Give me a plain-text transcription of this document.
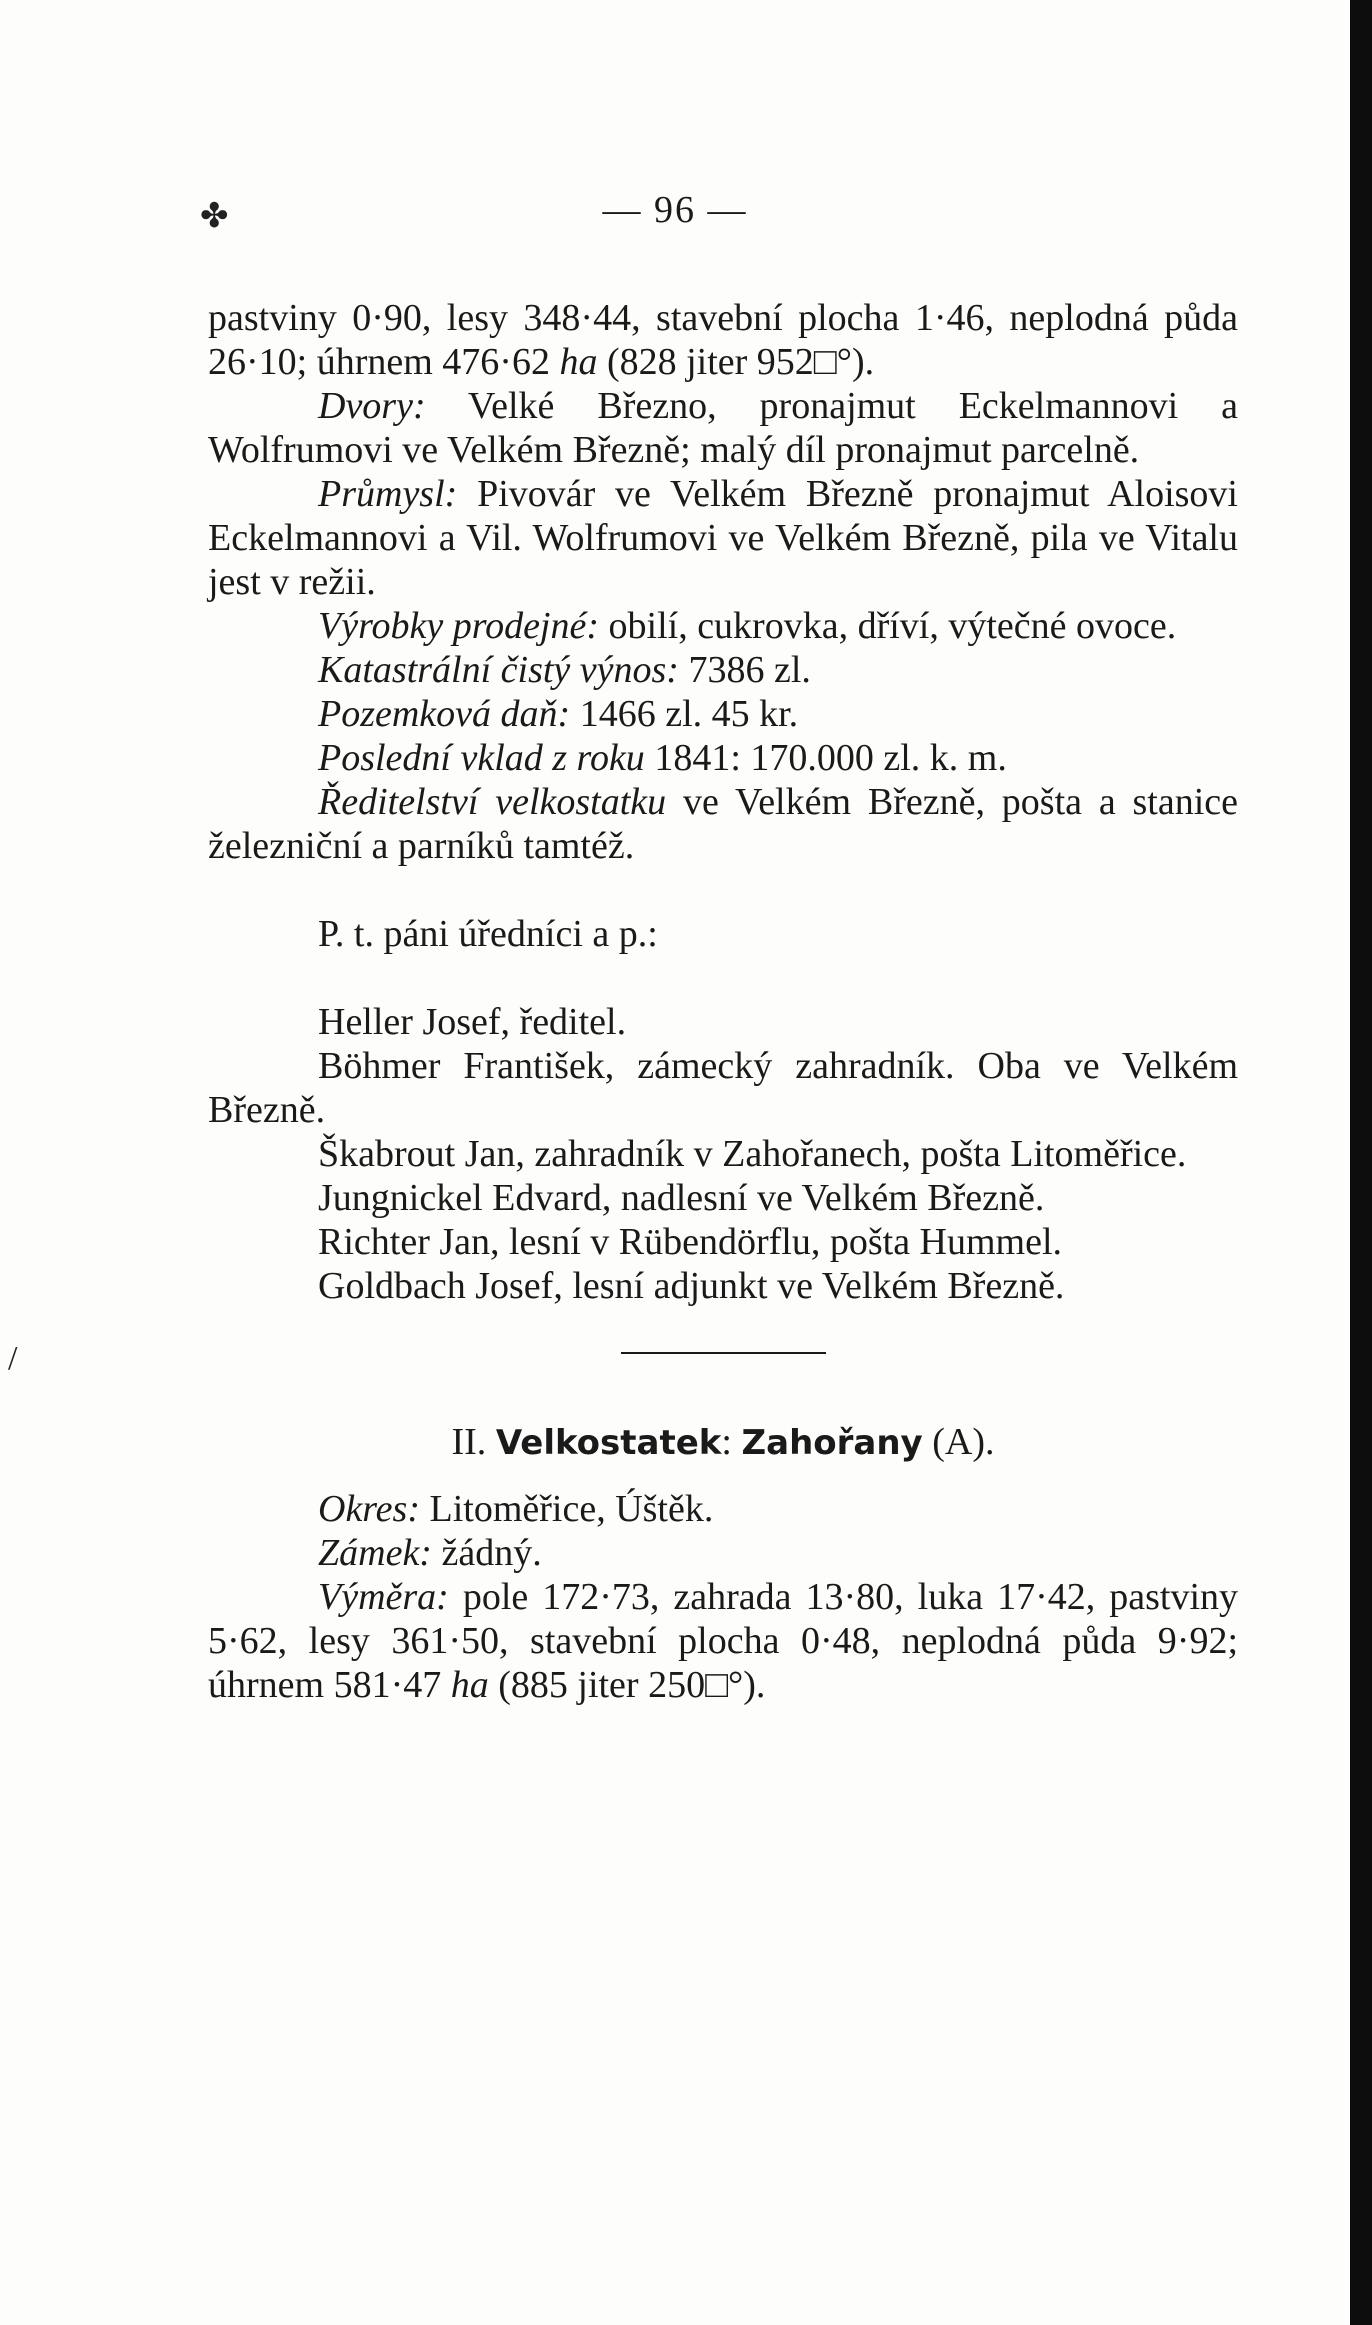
✤
/
— 96 —

pastviny 0·90, lesy 348·44, stavební plocha 1·46, neplodná půda 26·10; úhrnem 476·62 ha (828 jiter 952□°).

Dvory: Velké Březno, pronajmut Eckelmannovi a Wolfrumovi ve Velkém Březně; malý díl pronajmut parcelně.

Průmysl: Pivovár ve Velkém Březně pronajmut Aloisovi Eckelmannovi a Vil. Wolfrumovi ve Velkém Březně, pila ve Vitalu jest v režii.

Výrobky prodejné: obilí, cukrovka, dříví, výtečné ovoce.

Katastrální čistý výnos: 7386 zl.

Pozemková daň: 1466 zl. 45 kr.

Poslední vklad z roku 1841: 170.000 zl. k. m.

Ředitelství velkostatku ve Velkém Březně, pošta a stanice železniční a parníků tamtéž.

P. t. páni úředníci a p.:

Heller Josef, ředitel.

Böhmer František, zámecký zahradník. Oba ve Velkém Březně.

Škabrout Jan, zahradník v Zahořanech, pošta Litoměřice.

Jungnickel Edvard, nadlesní ve Velkém Březně.

Richter Jan, lesní v Rübendörflu, pošta Hummel.

Goldbach Josef, lesní adjunkt ve Velkém Březně.

II. Velkostatek: Zahořany (A).

Okres: Litoměřice, Úštěk.

Zámek: žádný.

Výměra: pole 172·73, zahrada 13·80, luka 17·42, pastviny 5·62, lesy 361·50, stavební plocha 0·48, neplodná půda 9·92; úhrnem 581·47 ha (885 jiter 250□°).
